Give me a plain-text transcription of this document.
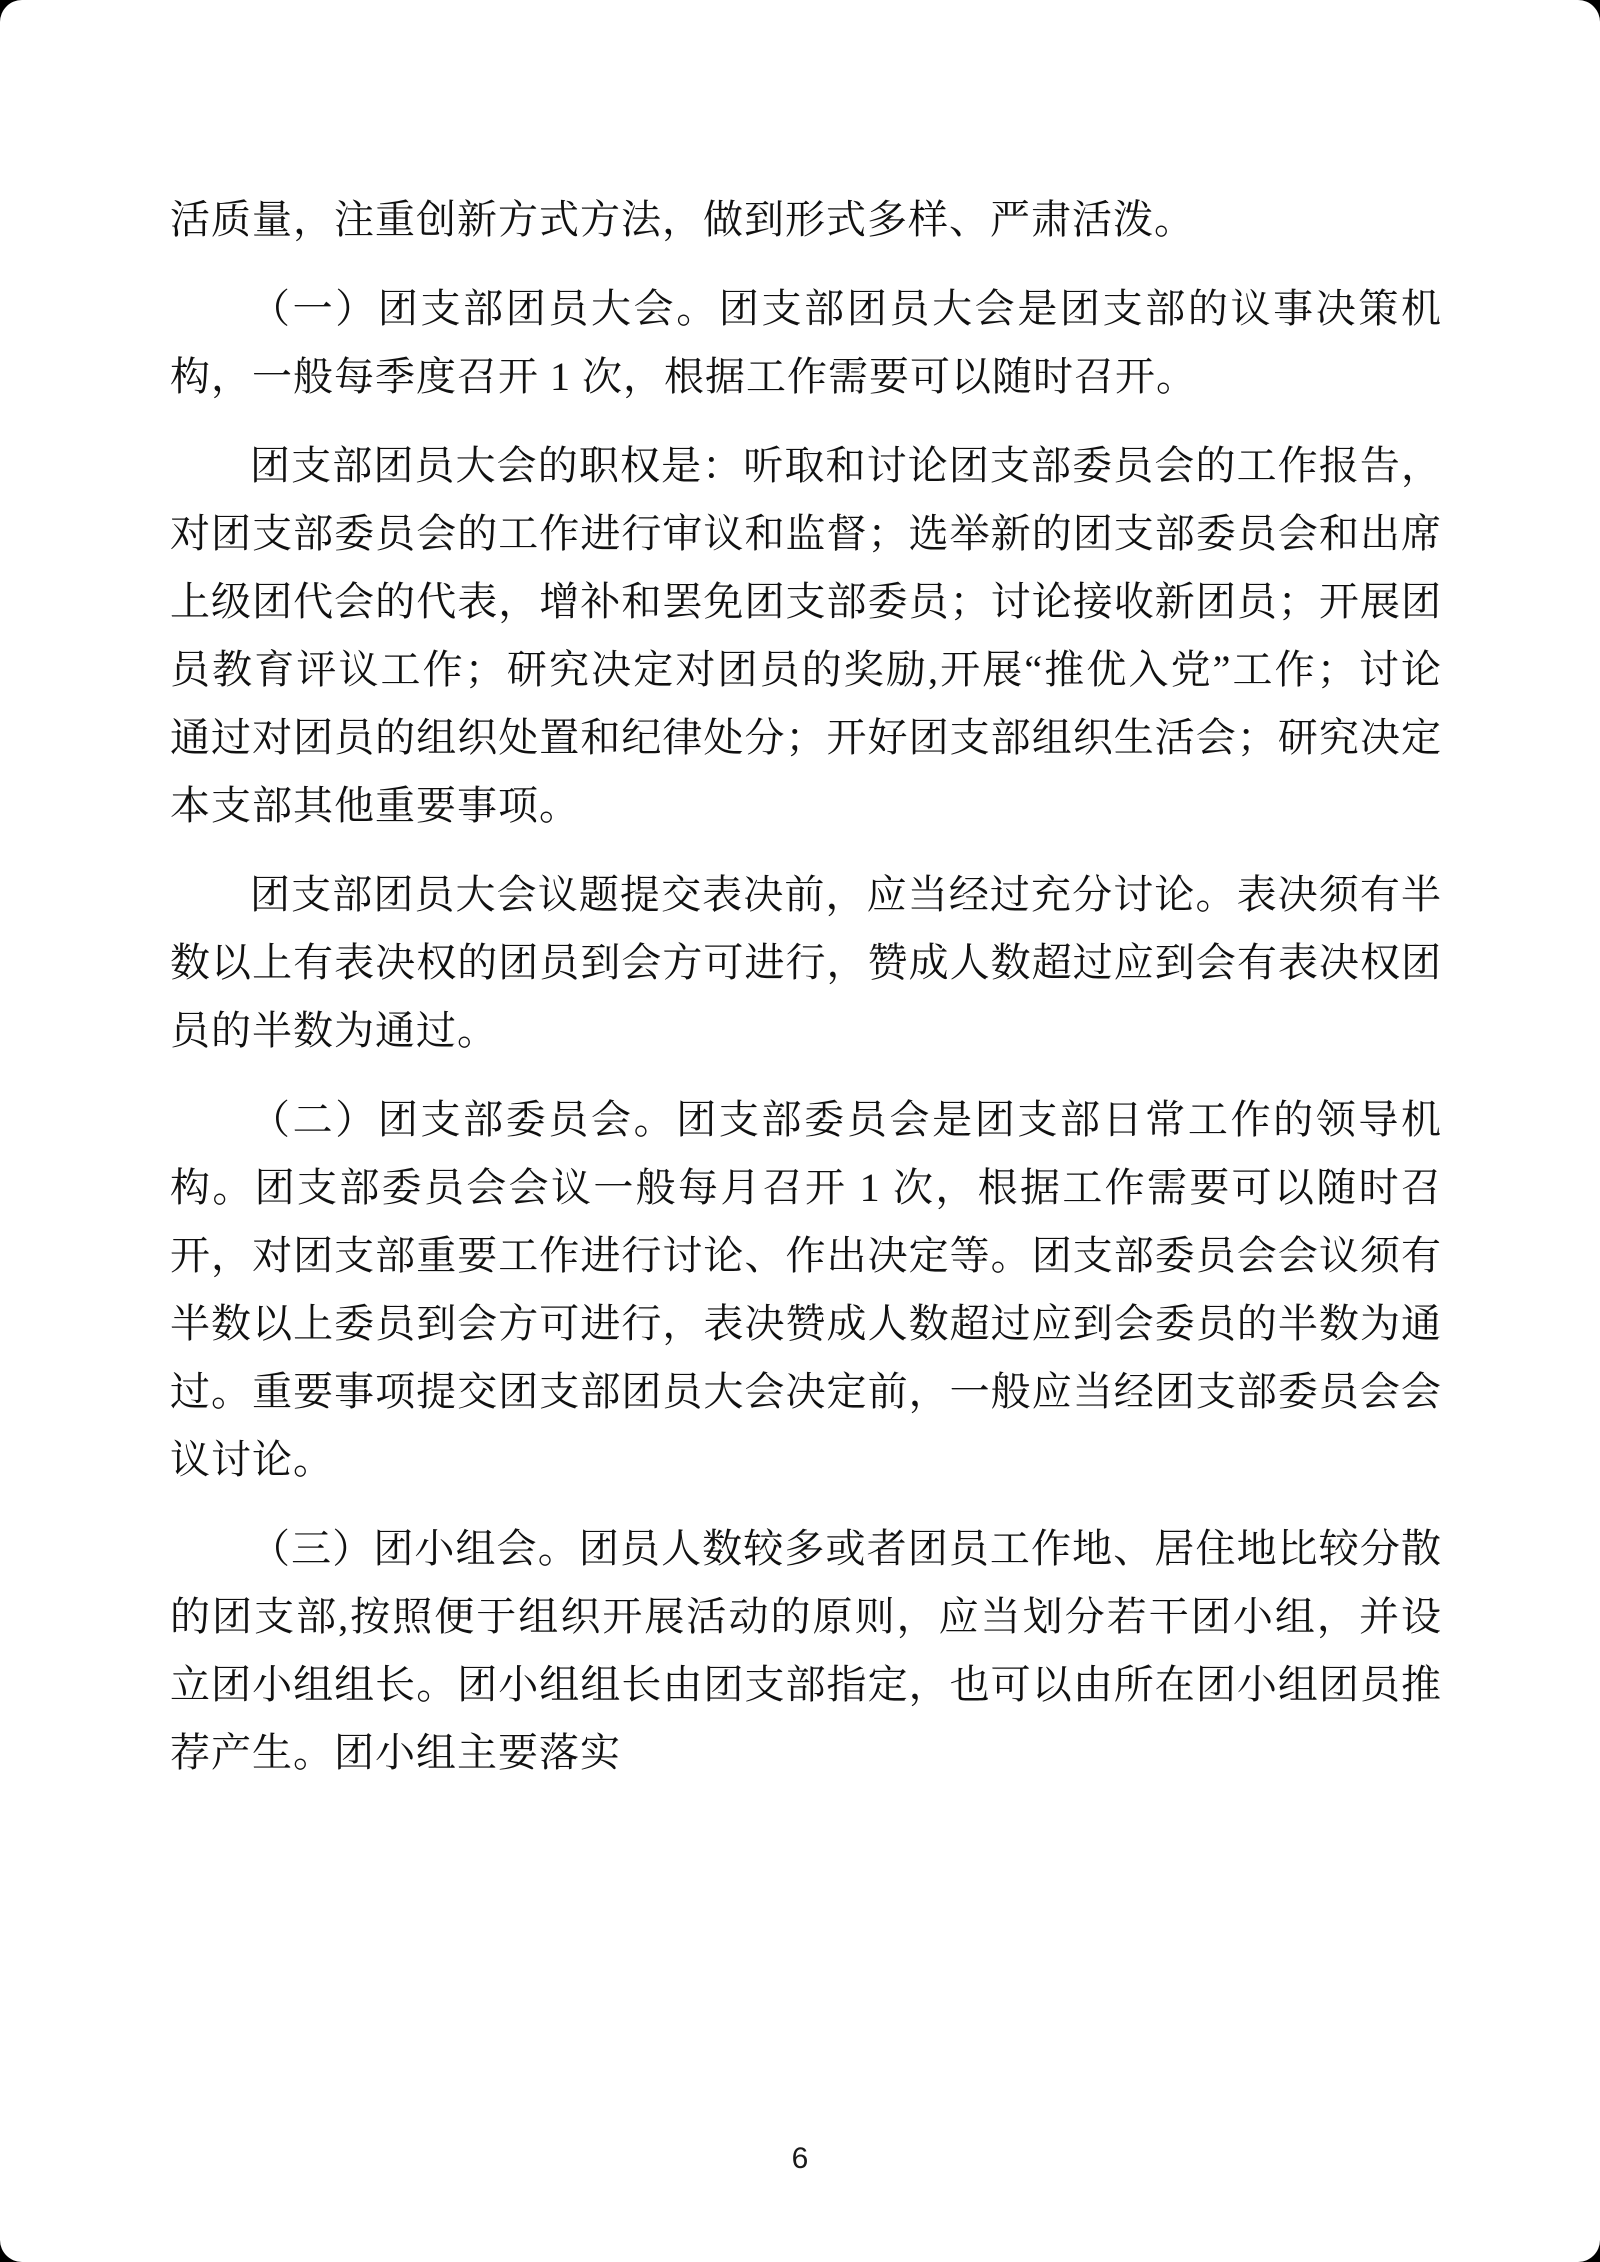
活质量，注重创新方式方法，做到形式多样、严肃活泼。

（一）团支部团员大会。团支部团员大会是团支部的议事决策机构，一般每季度召开 1 次，根据工作需要可以随时召开。

团支部团员大会的职权是：听取和讨论团支部委员会的工作报告，对团支部委员会的工作进行审议和监督；选举新的团支部委员会和出席上级团代会的代表，增补和罢免团支部委员；讨论接收新团员；开展团员教育评议工作；研究决定对团员的奖励,开展“推优入党”工作；讨论通过对团员的组织处置和纪律处分；开好团支部组织生活会；研究决定本支部其他重要事项。

团支部团员大会议题提交表决前，应当经过充分讨论。表决须有半数以上有表决权的团员到会方可进行，赞成人数超过应到会有表决权团员的半数为通过。

（二）团支部委员会。团支部委员会是团支部日常工作的领导机构。团支部委员会会议一般每月召开 1 次，根据工作需要可以随时召开，对团支部重要工作进行讨论、作出决定等。团支部委员会会议须有半数以上委员到会方可进行，表决赞成人数超过应到会委员的半数为通过。重要事项提交团支部团员大会决定前，一般应当经团支部委员会会议讨论。

（三）团小组会。团员人数较多或者团员工作地、居住地比较分散的团支部,按照便于组织开展活动的原则，应当划分若干团小组，并设立团小组组长。团小组组长由团支部指定，也可以由所在团小组团员推荐产生。团小组主要落实

6
